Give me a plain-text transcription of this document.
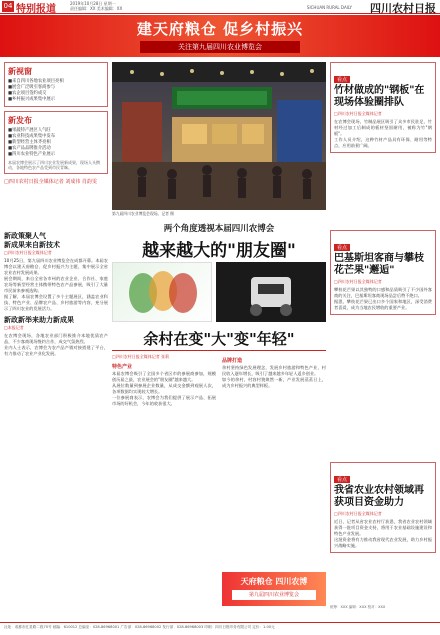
04 特别报道
2019年10月28日 星期一
责任编辑：XX 美术编辑：XX	SICHUAN RURAL DAILY 四川农村日报
建天府粮仓 促乡村振兴
关注第九届四川农业博览会
新视窗
■来自四川各地农业项目亮相
■展会广泛吸引客商参与
■农企项目签约成交
■乡村振兴成果集中展示
新发布
■果蔬特产展区人气旺
■农业科技成果集中发布
■新型经营主体齐亮相
■农产品品牌推介活动
■四川农业特色产业展示
本届农博会展示了四川农业发展新成果，现场人头攒动，各地特色农产品受到市民青睐。
□四川农村日报全媒体记者 刘成伟 肖韵雯
第九届四川农业博览会现场。记者 摄
两个角度透视本届四川农博会
越来越大的"朋友圈"
新政策聚人气
新成果来自新技术
□四川农村日报全媒体记者

10月25日，第九届四川农业博览会在成都开幕。本届农博会以建天府粮仓、促乡村振兴为主题，集中展示全省农业农村发展成果。

展会期间，来自全省各市州的农业企业、合作社、家庭农场等新型经营主体携带特色农产品参展，吸引了大量市民前来参观选购。

据了解，本届农博会设置了多个主题展区，涵盖农业科技、特色产业、品牌农产品、乡村旅游等内容，充分展示了四川农业的发展活力。

新政新举来助力新成果
□本报记者

在农博会现场，各地农业部门积极推介本地优质农产品，不少客商现场签约合作，成交气氛热烈。

业内人士表示，农博会为农产品产销对接搭建了平台，有力推动了农业产业化发展。

余村在变"大"变"年轻"
□四川农村日报全媒体记者 张莉
特色产业

本届农博会吸引了全国多个省区市的参展商参加，规模创历届之最，农业展会的"朋友圈"越来越大。

从展位数量到参展企业数量，从成交金额到观展人次，各项数据均实现较大增长。

一位参展商表示，农博会为我们提供了展示产品、拓展市场的好机会，今年的收获很大。

品牌打造

余村坚持绿色发展理念，发展乡村旅游和特色产业，村民收入逐年增长，吸引了越来越多年轻人返乡创业。

如今的余村，村容村貌焕然一新，产业发展蒸蒸日上，成为乡村振兴的典型样板。

天府粮仓 四川农博
第九届四川农业博览会
看点
竹材做成的"钢板"在现场体验圈排队
□四川农村日报全媒体记者

在农博会现场，竹制品展区吸引了众多市民驻足，竹材经过加工后制成的板材坚固耐用，被称为竹"钢板"。

工作人员介绍，这种竹材产品具有环保、耐用等特点，应用前景广阔。

看点
巴基斯坦客商与攀枝花芒果"邂逅"
□四川农村日报全媒体记者

攀枝花芒果以其独特的口感和品质吸引了不少国外客商的关注，巴基斯坦客商现场品尝后赞不绝口。

据悉，攀枝花芒果已出口多个国家和地区，深受消费者喜爱，成为当地农民增收的重要产业。

看点
我省农业农村领域再获项目资金助力
□四川农村日报全媒体记者

近日，记者从省农业农村厅获悉，我省农业农村领域获得一批项目资金支持，将用于农业基础设施建设和特色产业发展。

这批资金将有力推动我省现代农业发展，助力乡村振兴战略实施。

统筹：XXX 编辑：XXX 校对：XXX
社址：成都市红星路二段70号 邮编：610012 总编室：028-86968001 广告部：028-86968002 发行部：028-86968003 印刷：四川日报印务有限公司 定价：1.00元
